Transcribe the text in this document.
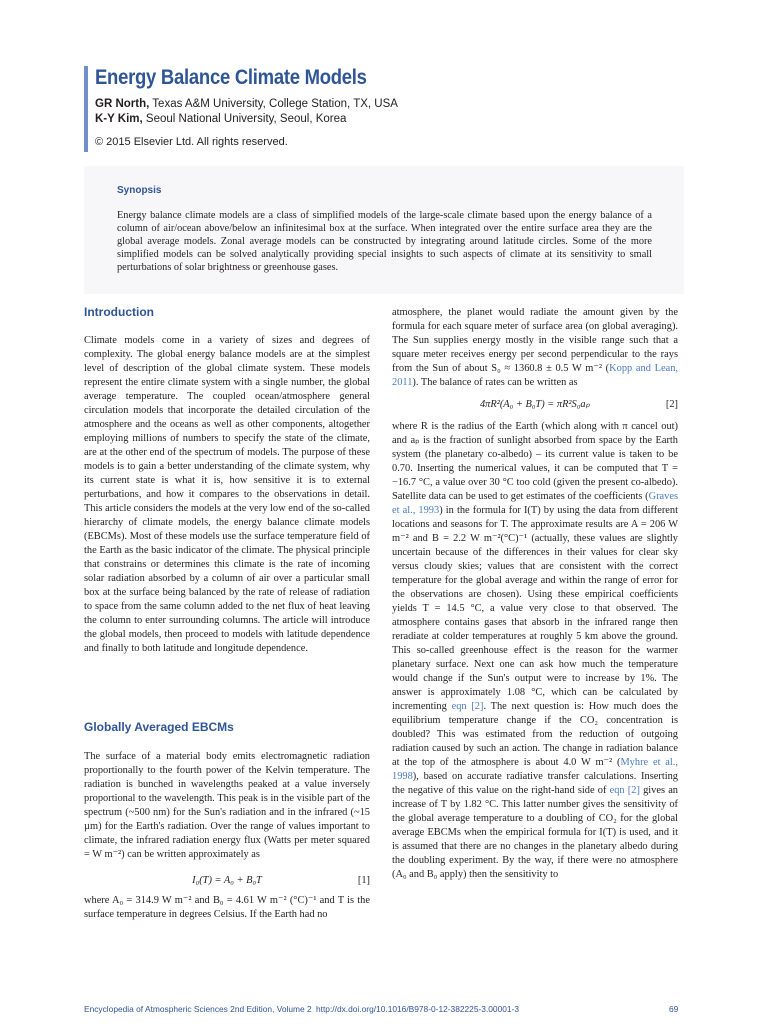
Energy Balance Climate Models
GR North, Texas A&M University, College Station, TX, USA
K-Y Kim, Seoul National University, Seoul, Korea
© 2015 Elsevier Ltd. All rights reserved.
Synopsis
Energy balance climate models are a class of simplified models of the large-scale climate based upon the energy balance of a column of air/ocean above/below an infinitesimal box at the surface. When integrated over the entire surface area they are the global average models. Zonal average models can be constructed by integrating around latitude circles. Some of the more simplified models can be solved analytically providing special insights to such aspects of climate at its sensitivity to small perturbations of solar brightness or greenhouse gases.
Introduction

Climate models come in a variety of sizes and degrees of complexity. The global energy balance models are at the simplest level of description of the global climate system. These models represent the entire climate system with a single number, the global average temperature. The coupled ocean/atmosphere general circulation models that incorporate the detailed circulation of the atmosphere and the oceans as well as other components, altogether employing millions of numbers to specify the state of the climate, are at the other end of the spectrum of models. The purpose of these models is to gain a better understanding of the climate system, why its current state is what it is, how sensitive it is to external perturbations, and how it compares to the observations in detail. This article considers the models at the very low end of the so-called hierarchy of climate models, the energy balance climate models (EBCMs). Most of these models use the surface temperature field of the Earth as the basic indicator of the climate. The physical principle that constrains or determines this climate is the rate of incoming solar radiation absorbed by a column of air over a particular small box at the surface being balanced by the rate of release of radiation to space from the same column added to the net flux of heat leaving the column to enter surrounding columns. The article will introduce the global models, then proceed to models with latitude dependence and finally to both latitude and longitude dependence.

Globally Averaged EBCMs

The surface of a material body emits electromagnetic radiation proportionally to the fourth power of the Kelvin temperature. The radiation is bunched in wavelengths peaked at a value inversely proportional to the wavelength. This peak is in the visible part of the spectrum (~500 nm) for the Sun's radiation and in the infrared (~15 µm) for the Earth's radiation. Over the range of values important to climate, the infrared radiation energy flux (Watts per meter squared = W m⁻²) can be written approximately as

I₀(T) = A₀ + B₀T	[1]

where A₀ = 314.9 W m⁻² and B₀ = 4.61 W m⁻² (°C)⁻¹ and T is the surface temperature in degrees Celsius. If the Earth had no

atmosphere, the planet would radiate the amount given by the formula for each square meter of surface area (on global averaging). The Sun supplies energy mostly in the visible range such that a square meter receives energy per second perpendicular to the rays from the Sun of about S₀ ≈ 1360.8 ± 0.5 W m⁻² (Kopp and Lean, 2011). The balance of rates can be written as

4πR²(A₀ + B₀T) = πR²S₀aₚ	[2]

where R is the radius of the Earth (which along with π cancel out) and aₚ is the fraction of sunlight absorbed from space by the Earth system (the planetary co-albedo) – its current value is taken to be 0.70. Inserting the numerical values, it can be computed that T = −16.7 °C, a value over 30 °C too cold (given the present co-albedo). Satellite data can be used to get estimates of the coefficients (Graves et al., 1993) in the formula for I(T) by using the data from different locations and seasons for T. The approximate results are A = 206 W m⁻² and B = 2.2 W m⁻²(°C)⁻¹ (actually, these values are slightly uncertain because of the differences in their values for clear sky versus cloudy skies; values that are consistent with the correct temperature for the global average and within the range of error for the observations are chosen). Using these empirical coefficients yields T = 14.5 °C, a value very close to that observed. The atmosphere contains gases that absorb in the infrared range then reradiate at colder temperatures at roughly 5 km above the ground. This so-called greenhouse effect is the reason for the warmer planetary surface. Next one can ask how much the temperature would change if the Sun's output were to increase by 1%. The answer is approximately 1.08 °C, which can be calculated by incrementing eqn [2]. The next question is: How much does the equilibrium temperature change if the CO₂ concentration is doubled? This was estimated from the reduction of outgoing radiation caused by such an action. The change in radiation balance at the top of the atmosphere is about 4.0 W m⁻² (Myhre et al., 1998), based on accurate radiative transfer calculations. Inserting the negative of this value on the right-hand side of eqn [2] gives an increase of T by 1.82 °C. This latter number gives the sensitivity of the global average temperature to a doubling of CO₂ for the global average EBCMs when the empirical formula for I(T) is used, and it is assumed that there are no changes in the planetary albedo during the doubling experiment. By the way, if there were no atmosphere (A₀ and B₀ apply) then the sensitivity to

Encyclopedia of Atmospheric Sciences 2nd Edition, Volume 2 http://dx.doi.org/10.1016/B978-0-12-382225-3.00001-3	69
